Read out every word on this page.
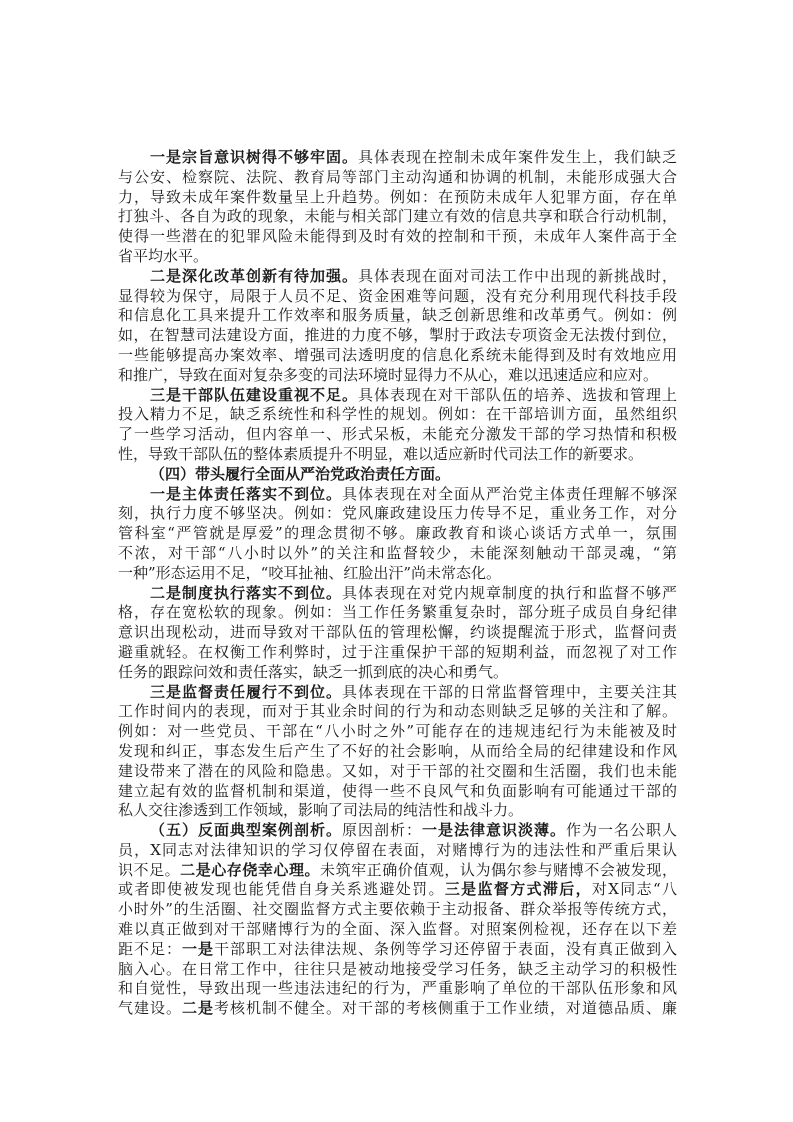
一是宗旨意识树得不够牢固。具体表现在控制未成年案件发生上，我们缺乏
与公安、检察院、法院、教育局等部门主动沟通和协调的机制，未能形成强大合
力，导致未成年案件数量呈上升趋势。例如：在预防未成年人犯罪方面，存在单
打独斗、各自为政的现象，未能与相关部门建立有效的信息共享和联合行动机制，
使得一些潜在的犯罪风险未能得到及时有效的控制和干预，未成年人案件高于全
省平均水平。
二是深化改革创新有待加强。具体表现在面对司法工作中出现的新挑战时，
显得较为保守，局限于人员不足、资金困难等问题，没有充分利用现代科技手段
和信息化工具来提升工作效率和服务质量，缺乏创新思维和改革勇气。例如：例
如，在智慧司法建设方面，推进的力度不够，掣肘于政法专项资金无法拨付到位，
一些能够提高办案效率、增强司法透明度的信息化系统未能得到及时有效地应用
和推广，导致在面对复杂多变的司法环境时显得力不从心，难以迅速适应和应对。
三是干部队伍建设重视不足。具体表现在对干部队伍的培养、选拔和管理上
投入精力不足，缺乏系统性和科学性的规划。例如：在干部培训方面，虽然组织
了一些学习活动，但内容单一、形式呆板，未能充分激发干部的学习热情和积极
性，导致干部队伍的整体素质提升不明显，难以适应新时代司法工作的新要求。
（四）带头履行全面从严治党政治责任方面。
一是主体责任落实不到位。具体表现在对全面从严治党主体责任理解不够深
刻，执行力度不够坚决。例如：党风廉政建设压力传导不足，重业务工作，对分
管科室“严管就是厚爱”的理念贯彻不够。廉政教育和谈心谈话方式单一，氛围
不浓，对干部“八小时以外”的关注和监督较少，未能深刻触动干部灵魂，“第
一种”形态运用不足，“咬耳扯袖、红脸出汗”尚未常态化。
二是制度执行落实不到位。具体表现在对党内规章制度的执行和监督不够严
格，存在宽松软的现象。例如：当工作任务繁重复杂时，部分班子成员自身纪律
意识出现松动，进而导致对干部队伍的管理松懈，约谈提醒流于形式，监督问责
避重就轻。在权衡工作利弊时，过于注重保护干部的短期利益，而忽视了对工作
任务的跟踪问效和责任落实，缺乏一抓到底的决心和勇气。
三是监督责任履行不到位。具体表现在干部的日常监督管理中，主要关注其
工作时间内的表现，而对于其业余时间的行为和动态则缺乏足够的关注和了解。
例如：对一些党员、干部在“八小时之外”可能存在的违规违纪行为未能被及时
发现和纠正，事态发生后产生了不好的社会影响，从而给全局的纪律建设和作风
建设带来了潜在的风险和隐患。又如，对于干部的社交圈和生活圈，我们也未能
建立起有效的监督机制和渠道，使得一些不良风气和负面影响有可能通过干部的
私人交往渗透到工作领域，影响了司法局的纯洁性和战斗力。
（五）反面典型案例剖析。原因剖析：一是法律意识淡薄。作为一名公职人
员，X同志对法律知识的学习仅停留在表面，对赌博行为的违法性和严重后果认
识不足。二是心存侥幸心理。未筑牢正确价值观，认为偶尔参与赌博不会被发现，
或者即使被发现也能凭借自身关系逃避处罚。三是监督方式滞后，对X同志“八
小时外”的生活圈、社交圈监督方式主要依赖于主动报备、群众举报等传统方式，
难以真正做到对干部赌博行为的全面、深入监督。对照案例检视，还存在以下差
距不足：一是干部职工对法律法规、条例等学习还停留于表面，没有真正做到入
脑入心。在日常工作中，往往只是被动地接受学习任务，缺乏主动学习的积极性
和自觉性，导致出现一些违法违纪的行为，严重影响了单位的干部队伍形象和风
气建设。二是考核机制不健全。对干部的考核侧重于工作业绩，对道德品质、廉
